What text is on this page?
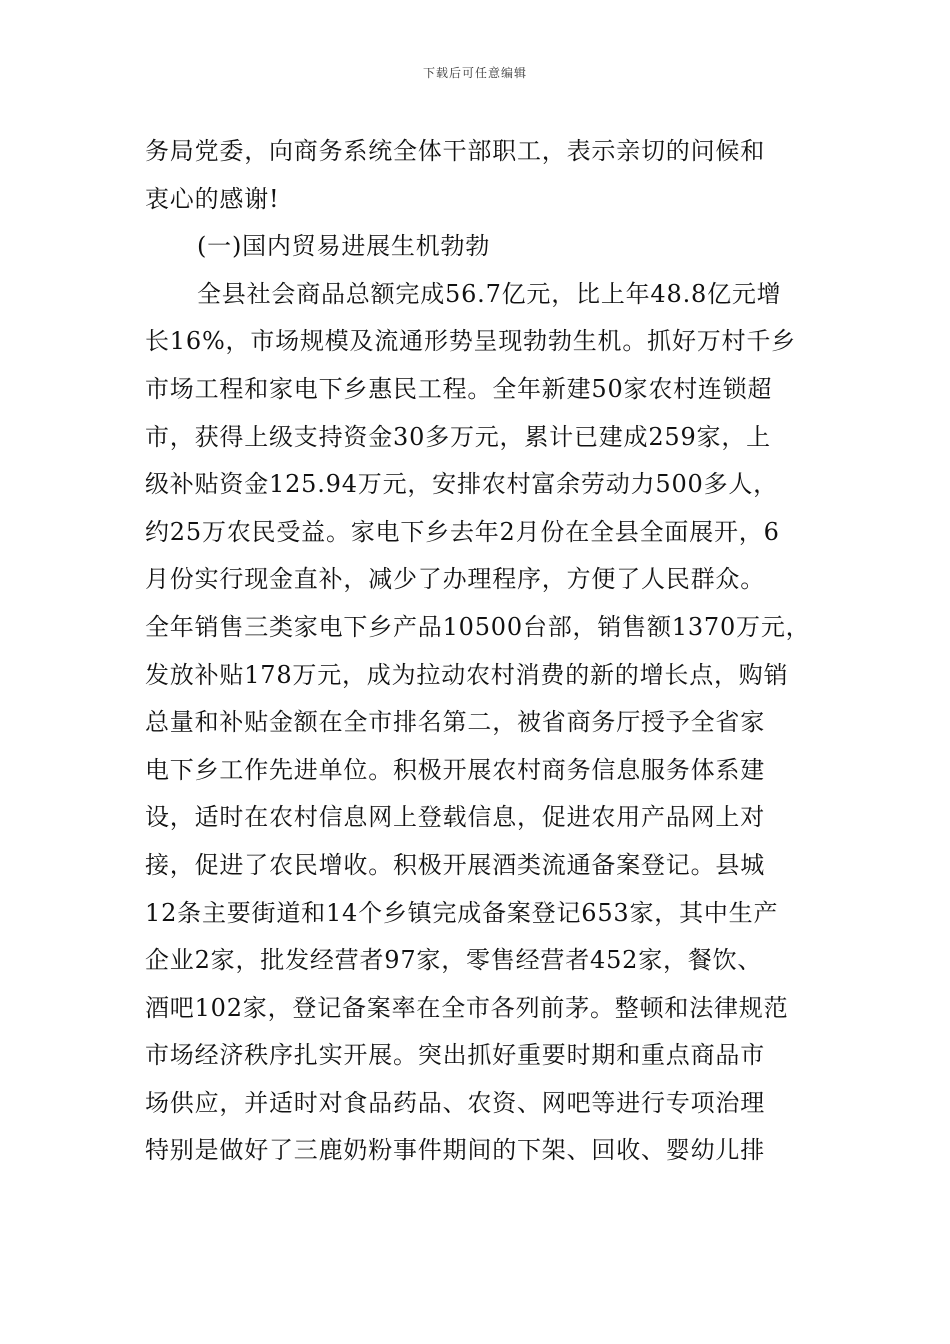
下载后可任意编辑
务局党委，向商务系统全体干部职工，表示亲切的问候和
衷心的感谢!
(一)国内贸易进展生机勃勃
全县社会商品总额完成56.7亿元，比上年48.8亿元增
长16%，市场规模及流通形势呈现勃勃生机。抓好万村千乡
市场工程和家电下乡惠民工程。全年新建50家农村连锁超
市，获得上级支持资金30多万元，累计已建成259家，上
级补贴资金125.94万元，安排农村富余劳动力500多人，
约25万农民受益。家电下乡去年2月份在全县全面展开，6
月份实行现金直补，减少了办理程序，方便了人民群众。
全年销售三类家电下乡产品10500台部，销售额1370万元，
发放补贴178万元，成为拉动农村消费的新的增长点，购销
总量和补贴金额在全市排名第二，被省商务厅授予全省家
电下乡工作先进单位。积极开展农村商务信息服务体系建
设，适时在农村信息网上登载信息，促进农用产品网上对
接，促进了农民增收。积极开展酒类流通备案登记。县城
12条主要街道和14个乡镇完成备案登记653家，其中生产
企业2家，批发经营者97家，零售经营者452家，餐饮、
酒吧102家，登记备案率在全市各列前茅。整顿和法律规范
市场经济秩序扎实开展。突出抓好重要时期和重点商品市
场供应，并适时对食品药品、农资、网吧等进行专项治理
特别是做好了三鹿奶粉事件期间的下架、回收、婴幼儿排
